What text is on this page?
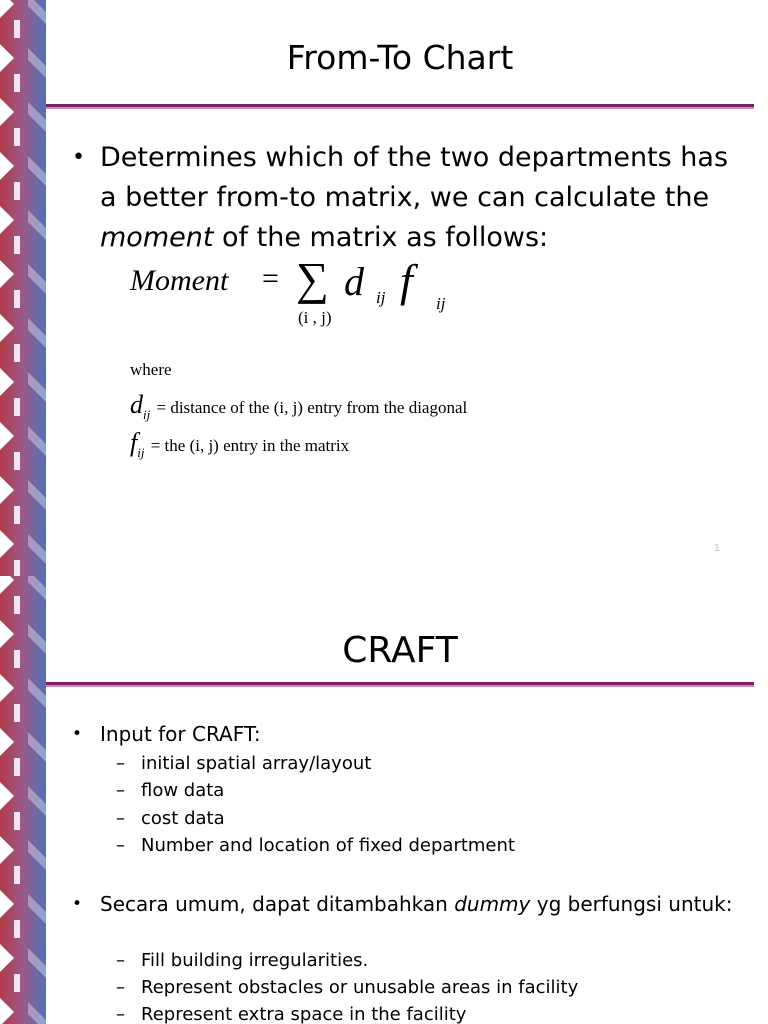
From-To Chart
• Determines which of the two departments has a better from-to matrix, we can calculate the moment of the matrix as follows:
Moment = ∑
(i , j)
d ij f ij
where
$d_{ij}$ = distance of the (i, j) entry from the diagonal
$f_{ij}$ = the (i, j) entry in the matrix
1
CRAFT
• Input for CRAFT:
– initial spatial array/layout
– flow data
– cost data
– Number and location of fixed department
• Secara umum, dapat ditambahkan dummy yg berfungsi untuk:
– Fill building irregularities.
– Represent obstacles or unusable areas in facility
– Represent extra space in the facility
